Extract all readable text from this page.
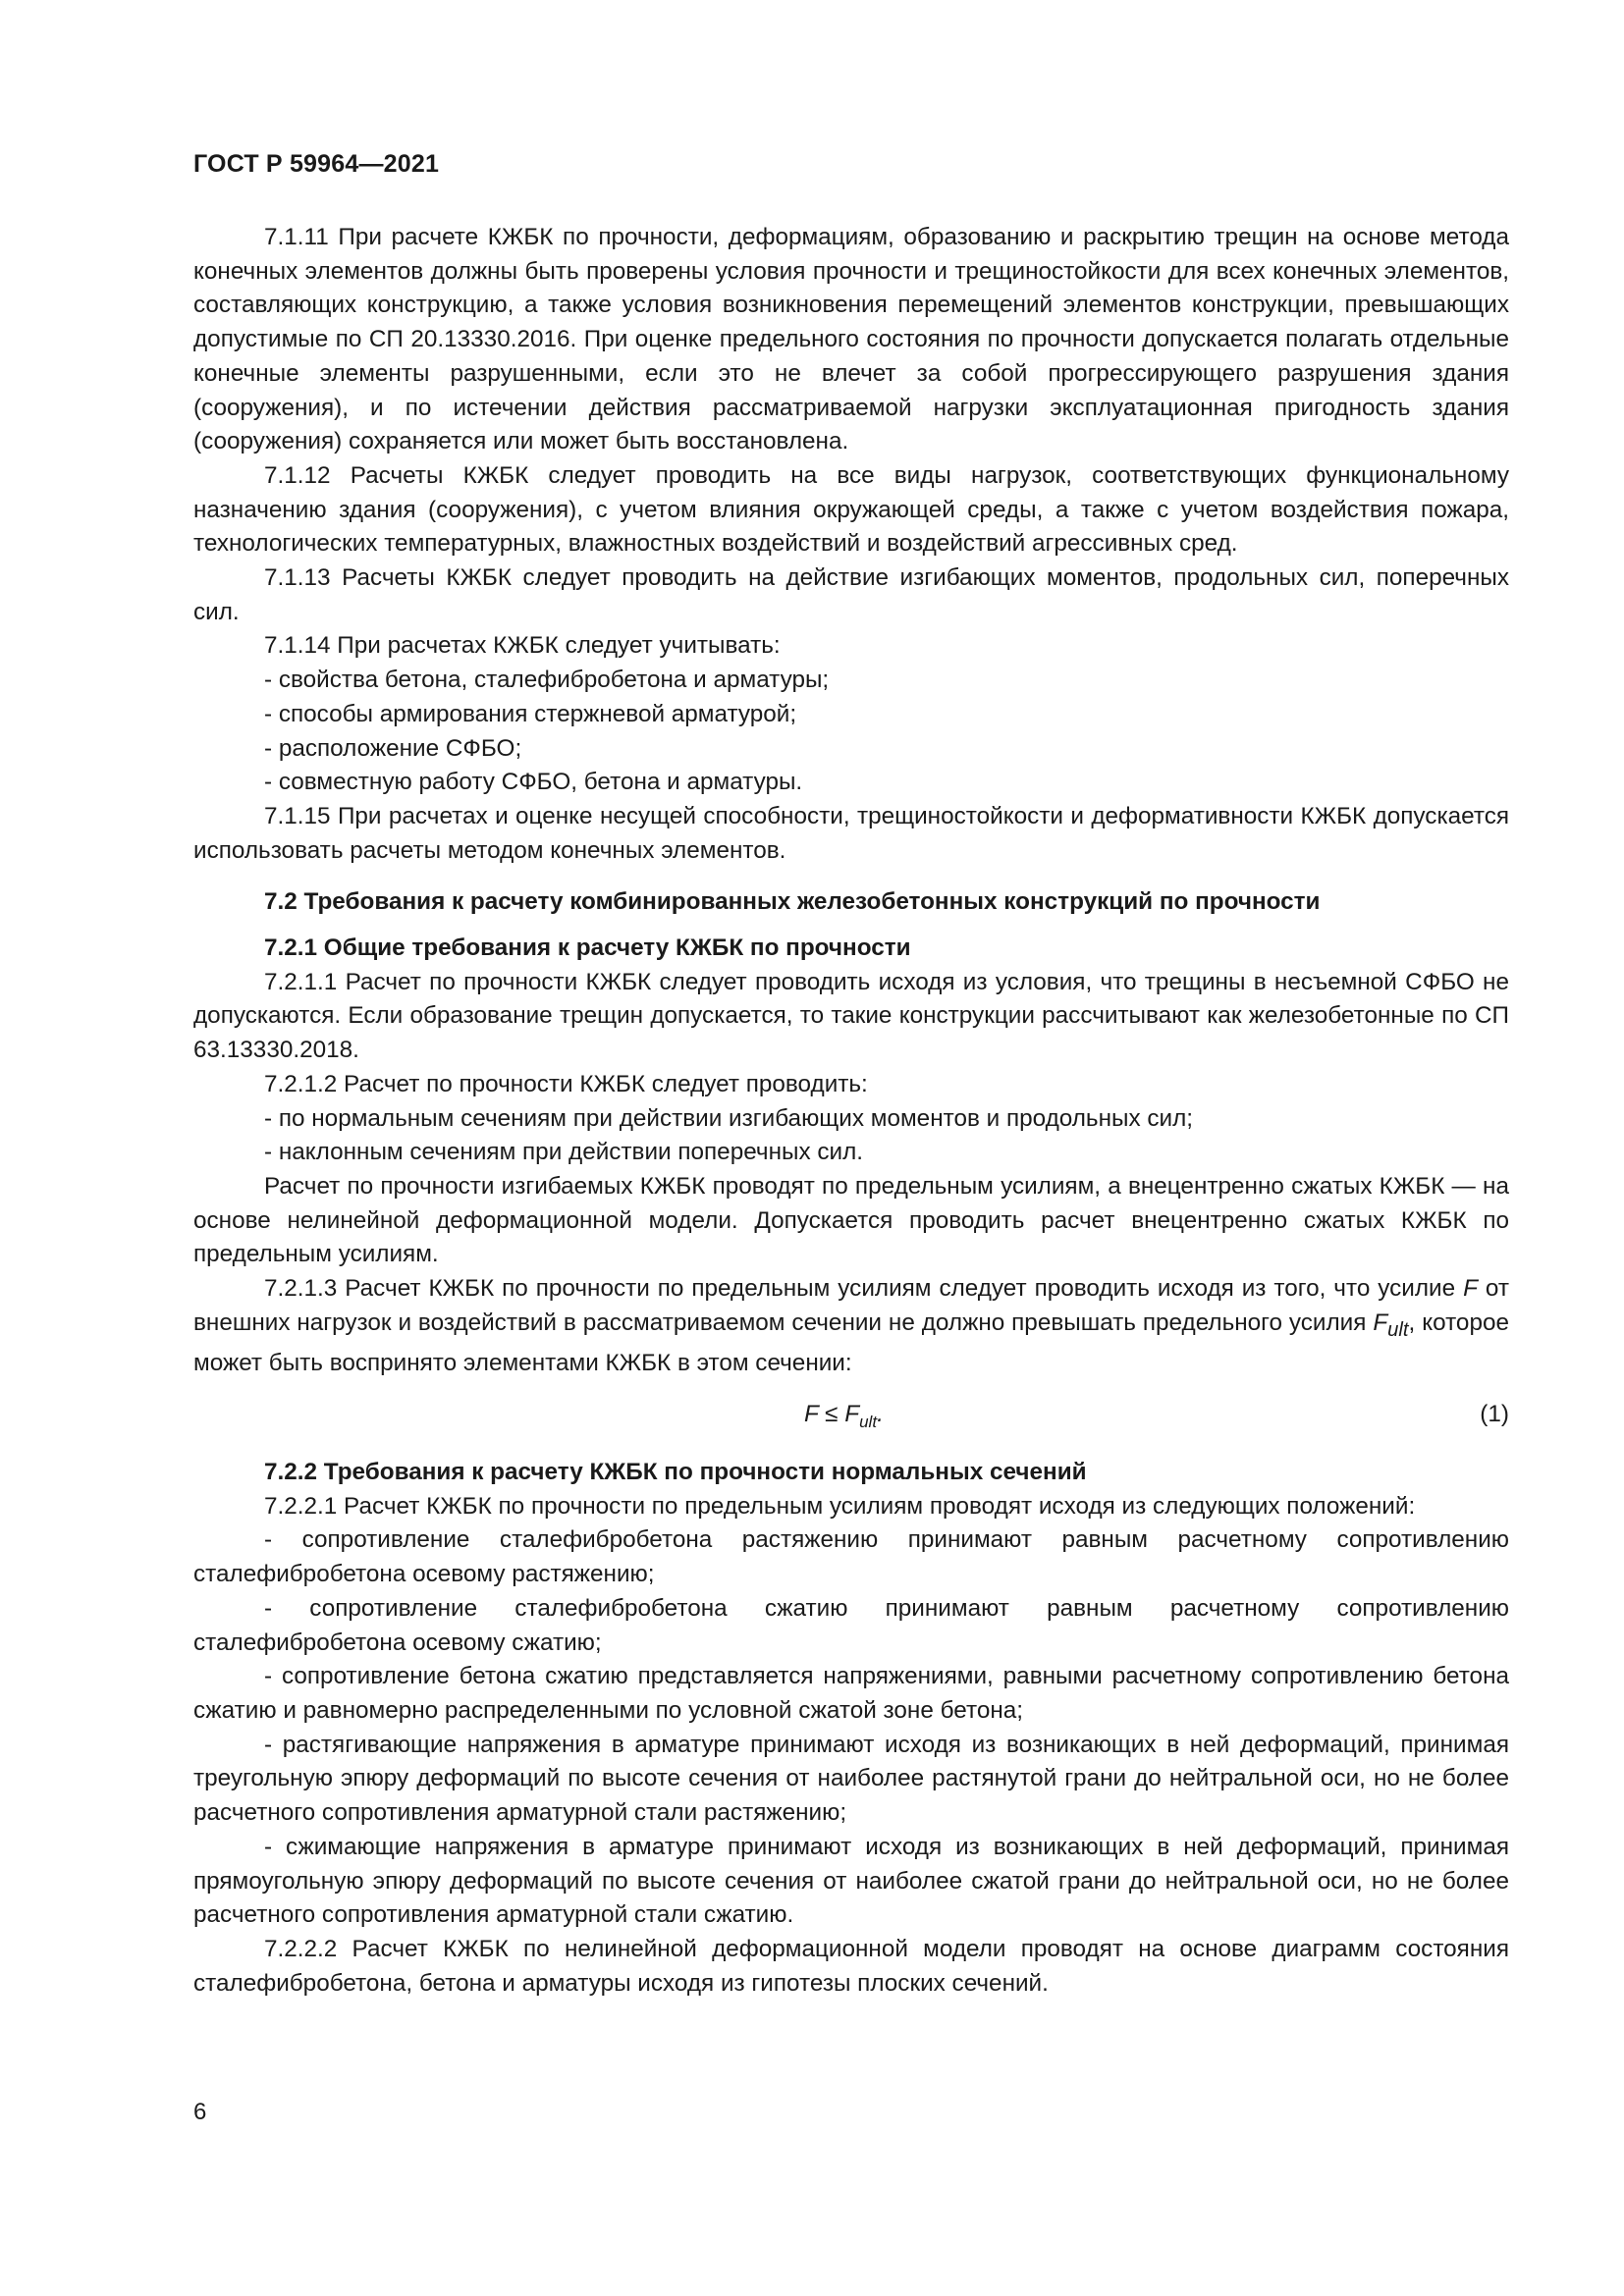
ГОСТ Р 59964—2021

7.1.11 При расчете КЖБК по прочности, деформациям, образованию и раскрытию трещин на основе метода конечных элементов должны быть проверены условия прочности и трещиностойкости для всех конечных элементов, составляющих конструкцию, а также условия возникновения перемещений элементов конструкции, превышающих допустимые по СП 20.13330.2016. При оценке предельного состояния по прочности допускается полагать отдельные конечные элементы разрушенными, если это не влечет за собой прогрессирующего разрушения здания (сооружения), и по истечении действия рассматриваемой нагрузки эксплуатационная пригодность здания (сооружения) сохраняется или может быть восстановлена.

7.1.12 Расчеты КЖБК следует проводить на все виды нагрузок, соответствующих функциональному назначению здания (сооружения), с учетом влияния окружающей среды, а также с учетом воздействия пожара, технологических температурных, влажностных воздействий и воздействий агрессивных сред.

7.1.13 Расчеты КЖБК следует проводить на действие изгибающих моментов, продольных сил, поперечных сил.

7.1.14 При расчетах КЖБК следует учитывать:

- свойства бетона, сталефибробетона и арматуры;

- способы армирования стержневой арматурой;

- расположение СФБО;

- совместную работу СФБО, бетона и арматуры.

7.1.15 При расчетах и оценке несущей способности, трещиностойкости и деформативности КЖБК допускается использовать расчеты методом конечных элементов.

7.2 Требования к расчету комбинированных железобетонных конструкций по прочности

7.2.1 Общие требования к расчету КЖБК по прочности

7.2.1.1 Расчет по прочности КЖБК следует проводить исходя из условия, что трещины в несъемной СФБО не допускаются. Если образование трещин допускается, то такие конструкции рассчитывают как железобетонные по СП 63.13330.2018.

7.2.1.2 Расчет по прочности КЖБК следует проводить:

- по нормальным сечениям при действии изгибающих моментов и продольных сил;

- наклонным сечениям при действии поперечных сил.

Расчет по прочности изгибаемых КЖБК проводят по предельным усилиям, а внецентренно сжатых КЖБК — на основе нелинейной деформационной модели. Допускается проводить расчет внецентренно сжатых КЖБК по предельным усилиям.

7.2.1.3 Расчет КЖБК по прочности по предельным усилиям следует проводить исходя из того, что усилие F от внешних нагрузок и воздействий в рассматриваемом сечении не должно превышать предельного усилия $F_{ult}$, которое может быть воспринято элементами КЖБК в этом сечении:

$F \le F_{ult}$.	(1)

7.2.2 Требования к расчету КЖБК по прочности нормальных сечений

7.2.2.1 Расчет КЖБК по прочности по предельным усилиям проводят исходя из следующих положений:

- сопротивление сталефибробетона растяжению принимают равным расчетному сопротивлению сталефибробетона осевому растяжению;

- сопротивление сталефибробетона сжатию принимают равным расчетному сопротивлению сталефибробетона осевому сжатию;

- сопротивление бетона сжатию представляется напряжениями, равными расчетному сопротивлению бетона сжатию и равномерно распределенными по условной сжатой зоне бетона;

- растягивающие напряжения в арматуре принимают исходя из возникающих в ней деформаций, принимая треугольную эпюру деформаций по высоте сечения от наиболее растянутой грани до нейтральной оси, но не более расчетного сопротивления арматурной стали растяжению;

- сжимающие напряжения в арматуре принимают исходя из возникающих в ней деформаций, принимая прямоугольную эпюру деформаций по высоте сечения от наиболее сжатой грани до нейтральной оси, но не более расчетного сопротивления арматурной стали сжатию.

7.2.2.2 Расчет КЖБК по нелинейной деформационной модели проводят на основе диаграмм состояния сталефибробетона, бетона и арматуры исходя из гипотезы плоских сечений.

6
